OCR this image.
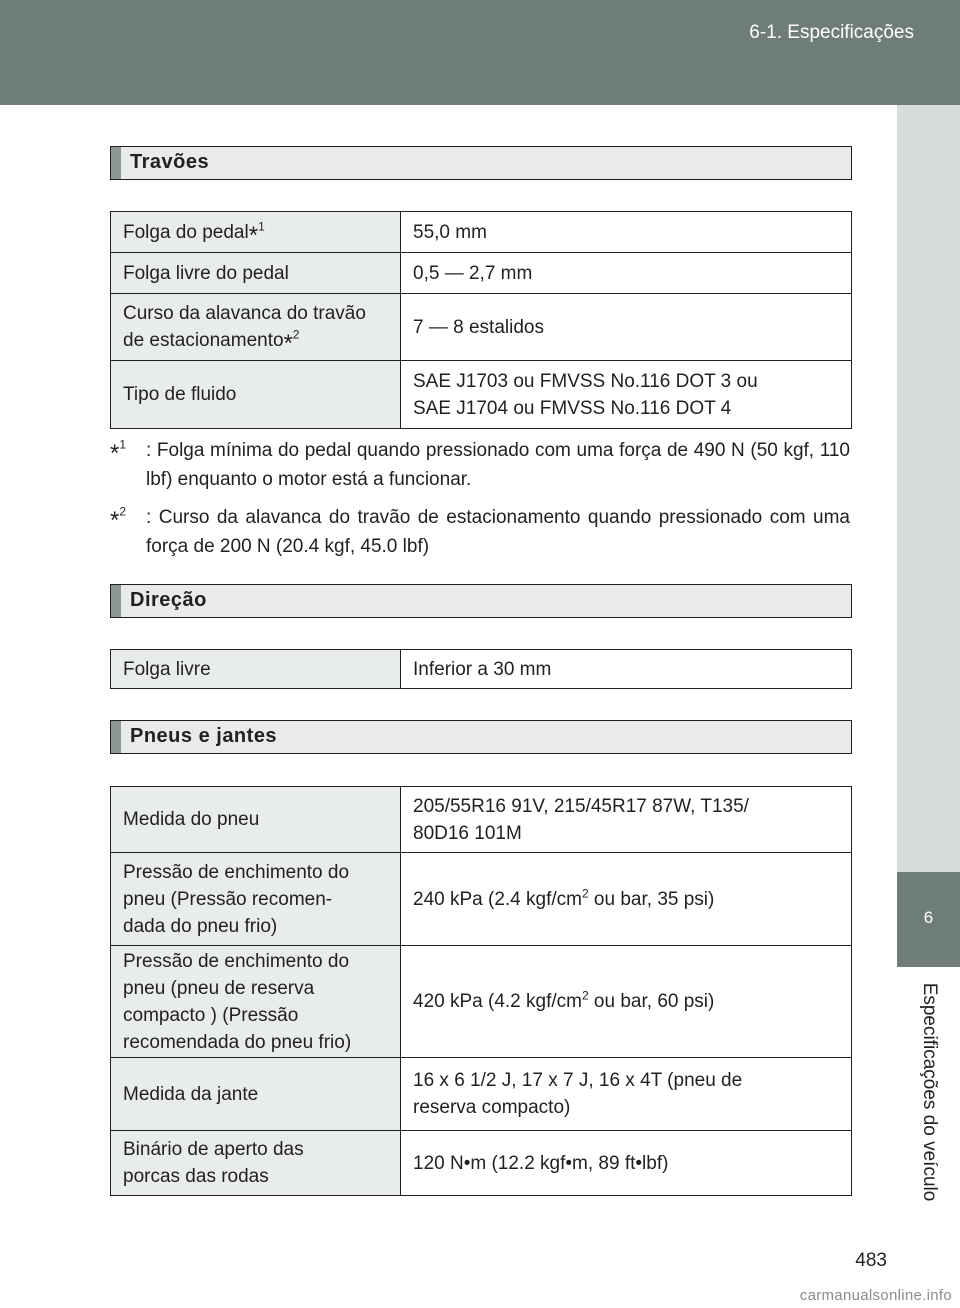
6-1. Especificações
6
Especificações do veículo
Travões
Folga do pedal*$^1$	55,0 mm
Folga livre do pedal	0,5 — 2,7 mm
Curso da alavanca do travão de estacionamento*$^2$	7 — 8 estalidos
Tipo de fluido	SAE J1703 ou FMVSS No.116 DOT 3 ou
SAE J1704 ou FMVSS No.116 DOT 4
*$^1$	: Folga mínima do pedal quando pressionado com uma força de 490 N (50 kgf, 110 lbf) enquanto o motor está a funcionar.
*$^2$	: Curso da alavanca do travão de estacionamento quando pressionado com uma força de 200 N (20.4 kgf, 45.0 lbf)
Direção
Folga livre	Inferior a 30 mm
Pneus e jantes
Medida do pneu	205/55R16 91V, 215/45R17 87W, T135/
80D16 101M
Pressão de enchimento do
pneu (Pressão recomen-
dada do pneu frio)	240 kPa (2.4 kgf/$cm^2$ ou bar, 35 psi)
Pressão de enchimento do
pneu (pneu de reserva
compacto ) (Pressão
recomendada do pneu frio)	420 kPa (4.2 kgf/$cm^2$ ou bar, 60 psi)
Medida da jante	16 x 6 1/2 J, 17 x 7 J, 16 x 4T (pneu de
reserva compacto)
Binário de aperto das
porcas das rodas	120 N•m (12.2 kgf•m, 89 ft•lbf)
483
carmanualsonline.info
